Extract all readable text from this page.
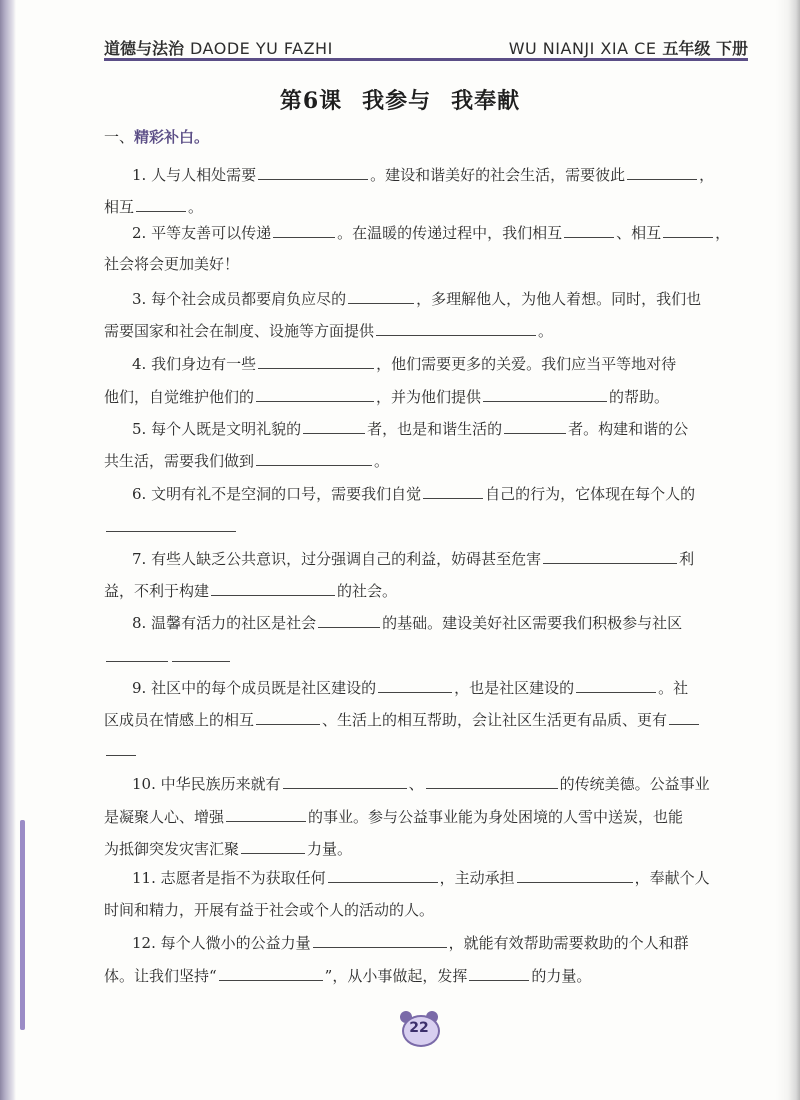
道德与法治 DAODE YU FAZHI	WU NIANJI XIA CE 五年级 下册
第6课 我参与 我奉献
一、精彩补白。
1. 人与人相处需要	。建设和谐美好的社会生活，需要彼此	，
相互	。
2. 平等友善可以传递	。在温暖的传递过程中，我们相互	、相互	，
社会将会更加美好！
3. 每个社会成员都要肩负应尽的	，多理解他人，为他人着想。同时，我们也
需要国家和社会在制度、设施等方面提供	。
4. 我们身边有一些	，他们需要更多的关爱。我们应当平等地对待
他们，自觉维护他们的	，并为他们提供	的帮助。
5. 每个人既是文明礼貌的	者，也是和谐生活的	者。构建和谐的公
共生活，需要我们做到	。
6. 文明有礼不是空洞的口号，需要我们自觉	自己的行为，它体现在每个人的
7. 有些人缺乏公共意识，过分强调自己的利益，妨碍甚至危害	利
益，不利于构建	的社会。
8. 温馨有活力的社区是社会	的基础。建设美好社区需要我们积极参与社区
9. 社区中的每个成员既是社区建设的	，也是社区建设的	。社
区成员在情感上的相互	、生活上的相互帮助，会让社区生活更有品质、更有
10. 中华民族历来就有	、	的传统美德。公益事业
是凝聚人心、增强	的事业。参与公益事业能为身处困境的人雪中送炭，也能
为抵御突发灾害汇聚	力量。
11. 志愿者是指不为获取任何	，主动承担	，奉献个人
时间和精力，开展有益于社会或个人的活动的人。
12. 每个人微小的公益力量	，就能有效帮助需要救助的个人和群
体。让我们坚持“	”，从小事做起，发挥	的力量。
22
